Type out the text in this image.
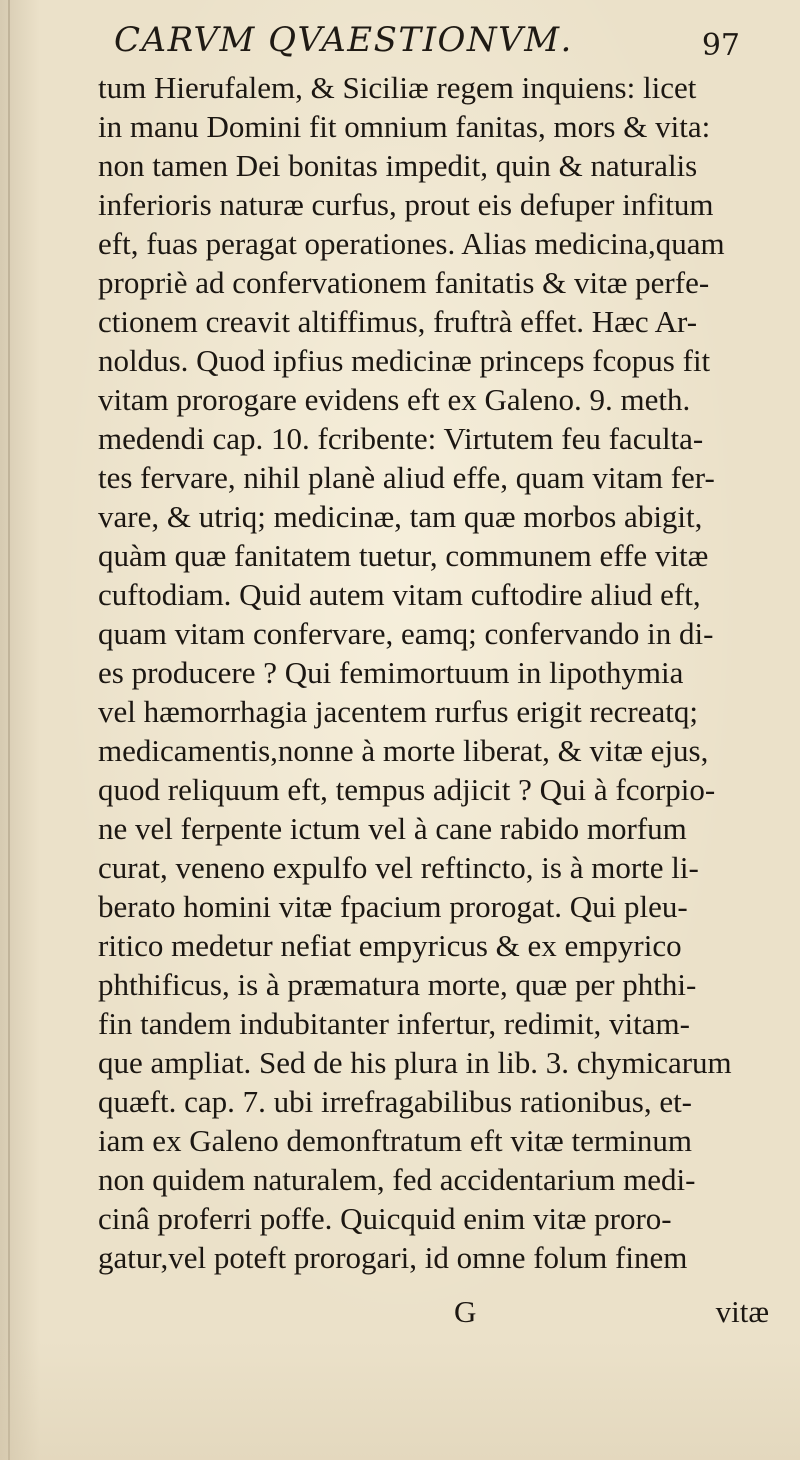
CARVM QVAESTIONVM.	97
tum Hierufalem, & Siciliæ regem inquiens: licet
in manu Domini fit omnium fanitas, mors & vita:
non tamen Dei bonitas impedit, quin & naturalis
inferioris naturæ curfus, prout eis defuper infitum
eft, fuas peragat operationes. Alias medicina,quam
propriè ad confervationem fanitatis & vitæ perfe-
ctionem creavit altiffimus, fruftrà effet. Hæc Ar-
noldus. Quod ipfius medicinæ princeps fcopus fit
vitam prorogare evidens eft ex Galeno. 9. meth.
medendi cap. 10. fcribente: Virtutem feu faculta-
tes fervare, nihil planè aliud effe, quam vitam fer-
vare, & utriq; medicinæ, tam quæ morbos abigit,
quàm quæ fanitatem tuetur, communem effe vitæ
cuftodiam. Quid autem vitam cuftodire aliud eft,
quam vitam confervare, eamq; confervando in di-
es producere ? Qui femimortuum in lipothymia
vel hæmorrhagia jacentem rurfus erigit recreatq;
medicamentis,nonne à morte liberat, & vitæ ejus,
quod reliquum eft, tempus adjicit ? Qui à fcorpio-
ne vel ferpente ictum vel à cane rabido morfum
curat, veneno expulfo vel reftincto, is à morte li-
berato homini vitæ fpacium prorogat. Qui pleu-
ritico medetur nefiat empyricus & ex empyrico
phthificus, is à præmatura morte, quæ per phthi-
fin tandem indubitanter infertur, redimit, vitam-
que ampliat. Sed de his plura in lib. 3. chymicarum
quæft. cap. 7. ubi irrefragabilibus rationibus, et-
iam ex Galeno demonftratum eft vitæ terminum
non quidem naturalem, fed accidentarium medi-
cinâ proferri poffe. Quicquid enim vitæ proro-
gatur,vel poteft prorogari, id omne folum finem
G	vitæ
